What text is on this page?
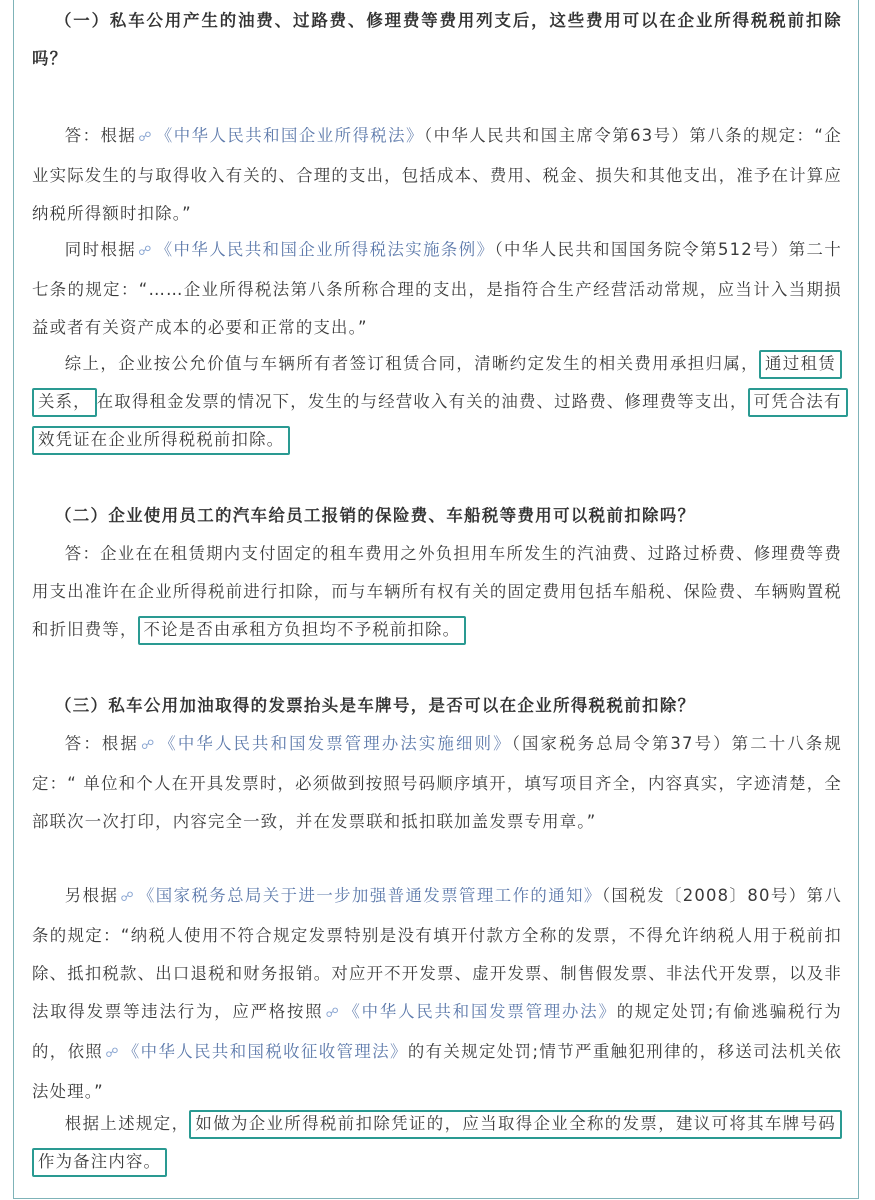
（一）私车公用产生的油费、过路费、修理费等费用列支后，这些费用可以在企业所得税税前扣除吗？

答：根据 ☍ 《中华人民共和国企业所得税法》（中华人民共和国主席令第63号）第八条的规定：“企业实际发生的与取得收入有关的、合理的支出，包括成本、费用、税金、损失和其他支出，准予在计算应纳税所得额时扣除。”

同时根据 ☍ 《中华人民共和国企业所得税法实施条例》（中华人民共和国国务院令第512号）第二十七条的规定：“……企业所得税法第八条所称合理的支出，是指符合生产经营活动常规，应当计入当期损益或者有关资产成本的必要和正常的支出。”

综上，企业按公允价值与车辆所有者签订租赁合同，清晰约定发生的相关费用承担归属， 通过租赁关系， 在取得租金发票的情况下，发生的与经营收入有关的油费、过路费、修理费等支出， 可凭合法有效凭证在企业所得税税前扣除。

（二）企业使用员工的汽车给员工报销的保险费、车船税等费用可以税前扣除吗？

答：企业在在租赁期内支付固定的租车费用之外负担用车所发生的汽油费、过路过桥费、修理费等费用支出准许在企业所得税前进行扣除，而与车辆所有权有关的固定费用包括车船税、保险费、车辆购置税和折旧费等， 不论是否由承租方负担均不予税前扣除。

（三）私车公用加油取得的发票抬头是车牌号，是否可以在企业所得税税前扣除？

答：根据 ☍ 《中华人民共和国发票管理办法实施细则》（国家税务总局令第37号）第二十八条规定：“ 单位和个人在开具发票时，必须做到按照号码顺序填开，填写项目齐全，内容真实，字迹清楚，全部联次一次打印，内容完全一致，并在发票联和抵扣联加盖发票专用章。”

另根据 ☍ 《国家税务总局关于进一步加强普通发票管理工作的通知》（国税发〔2008〕80号）第八条的规定：“纳税人使用不符合规定发票特别是没有填开付款方全称的发票，不得允许纳税人用于税前扣除、抵扣税款、出口退税和财务报销。对应开不开发票、虚开发票、制售假发票、非法代开发票，以及非法取得发票等违法行为，应严格按照 ☍ 《中华人民共和国发票管理办法》的规定处罚;有偷逃骗税行为的，依照 ☍ 《中华人民共和国税收征收管理法》的有关规定处罚;情节严重触犯刑律的，移送司法机关依法处理。”

根据上述规定， 如做为企业所得税前扣除凭证的，应当取得企业全称的发票，建议可将其车牌号码作为备注内容。
